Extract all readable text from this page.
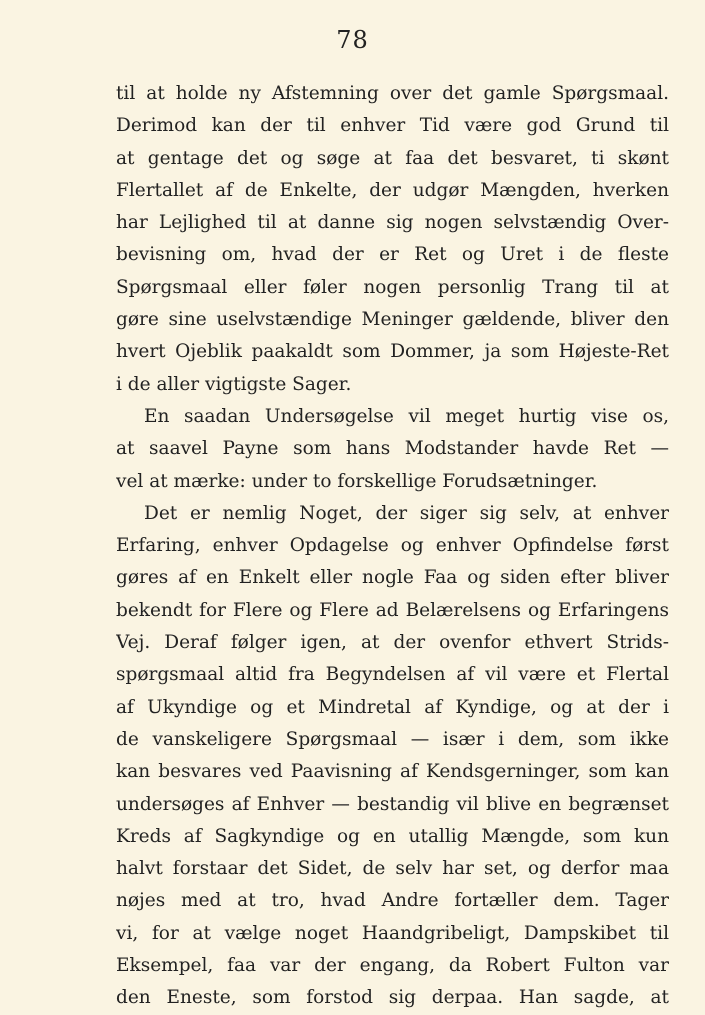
78
til at holde ny Afstemning over det gamle Spørgsmaal.
Derimod kan der til enhver Tid være god Grund til
at gentage det og søge at faa det besvaret, ti skønt
Flertallet af de Enkelte, der udgør Mængden, hverken
har Lejlighed til at danne sig nogen selvstændig Over-
bevisning om, hvad der er Ret og Uret i de fleste
Spørgsmaal eller føler nogen personlig Trang til at
gøre sine uselvstændige Meninger gældende, bliver den
hvert Ojeblik paakaldt som Dommer, ja som Højeste-Ret
i de aller vigtigste Sager.
En saadan Undersøgelse vil meget hurtig vise os,
at saavel Payne som hans Modstander havde Ret —
vel at mærke: under to forskellige Forudsætninger.
Det er nemlig Noget, der siger sig selv, at enhver
Erfaring, enhver Opdagelse og enhver Opfindelse først
gøres af en Enkelt eller nogle Faa og siden efter bliver
bekendt for Flere og Flere ad Belærelsens og Erfaringens
Vej. Deraf følger igen, at der ovenfor ethvert Strids-
spørgsmaal altid fra Begyndelsen af vil være et Flertal
af Ukyndige og et Mindretal af Kyndige, og at der i
de vanskeligere Spørgsmaal — især i dem, som ikke
kan besvares ved Paavisning af Kendsgerninger, som kan
undersøges af Enhver — bestandig vil blive en begrænset
Kreds af Sagkyndige og en utallig Mængde, som kun
halvt forstaar det Sidet, de selv har set, og derfor maa
nøjes med at tro, hvad Andre fortæller dem. Tager
vi, for at vælge noget Haandgribeligt, Dampskibet til
Eksempel, faa var der engang, da Robert Fulton var
den Eneste, som forstod sig derpaa. Han sagde, at
